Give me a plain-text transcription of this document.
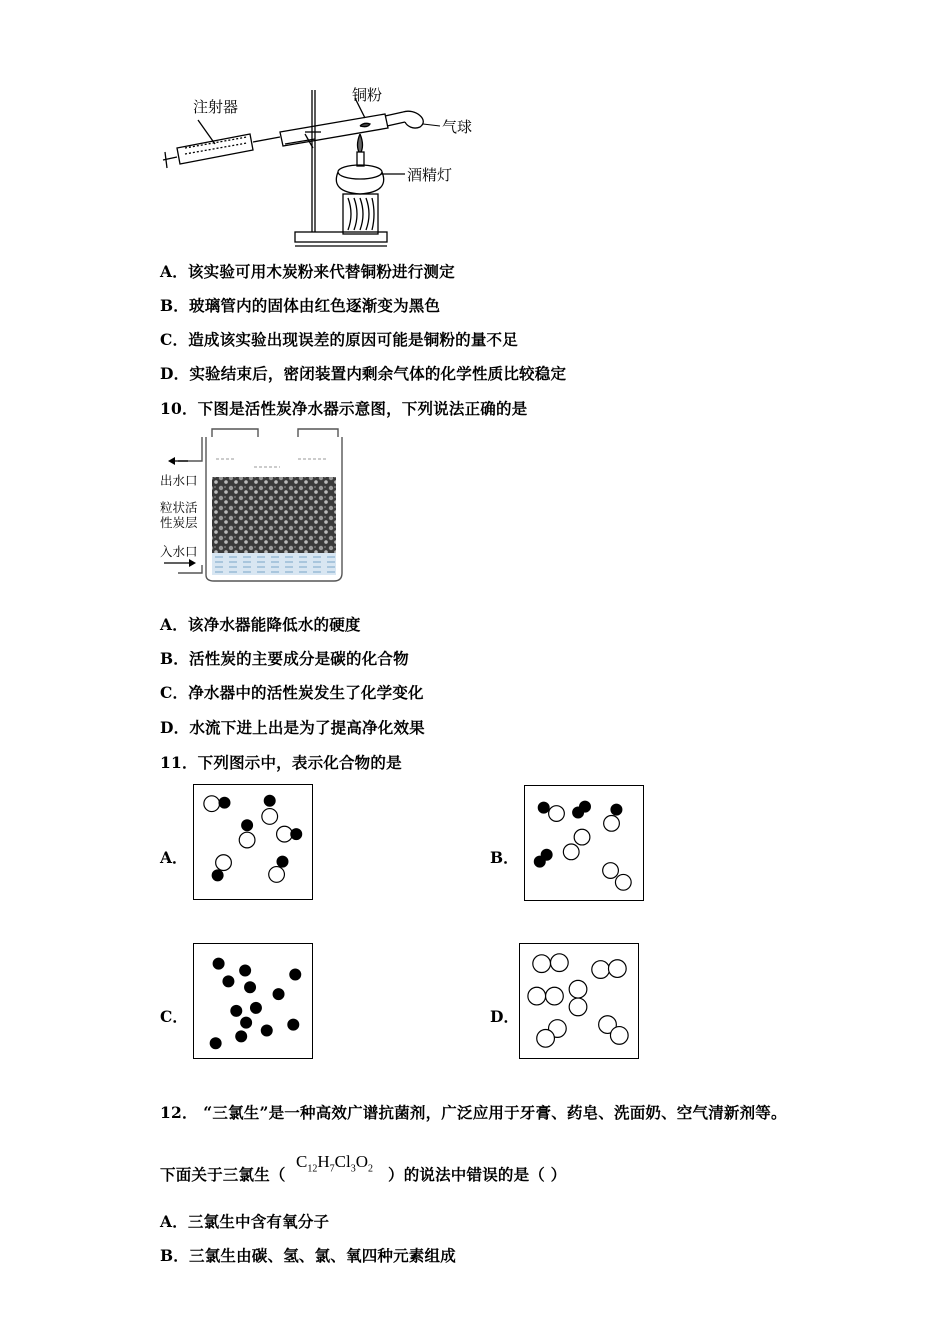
注射器
铜粉
气球
酒精灯
A．该实验可用木炭粉来代替铜粉进行测定
B．玻璃管内的固体由红色逐渐变为黑色
C．造成该实验出现误差的原因可能是铜粉的量不足
D．实验结束后，密闭装置内剩余气体的化学性质比较稳定
10．下图是活性炭净水器示意图，下列说法正确的是
出水口
粒状活
性炭层
入水口
A．该净水器能降低水的硬度
B．活性炭的主要成分是碳的化合物
C．净水器中的活性炭发生了化学变化
D．水流下进上出是为了提高净化效果
11．下列图示中，表示化合物的是
A．	B．
C．	D．
12． “三氯生”是一种高效广谱抗菌剂，广泛应用于牙膏、药皂、洗面奶、空气清新剂等。
下面关于三氯生（
$C_{12}H_7Cl_3O_2$ ）的说法中错误的是（ ）
A．三氯生中含有氧分子
B．三氯生由碳、氢、氯、氧四种元素组成
